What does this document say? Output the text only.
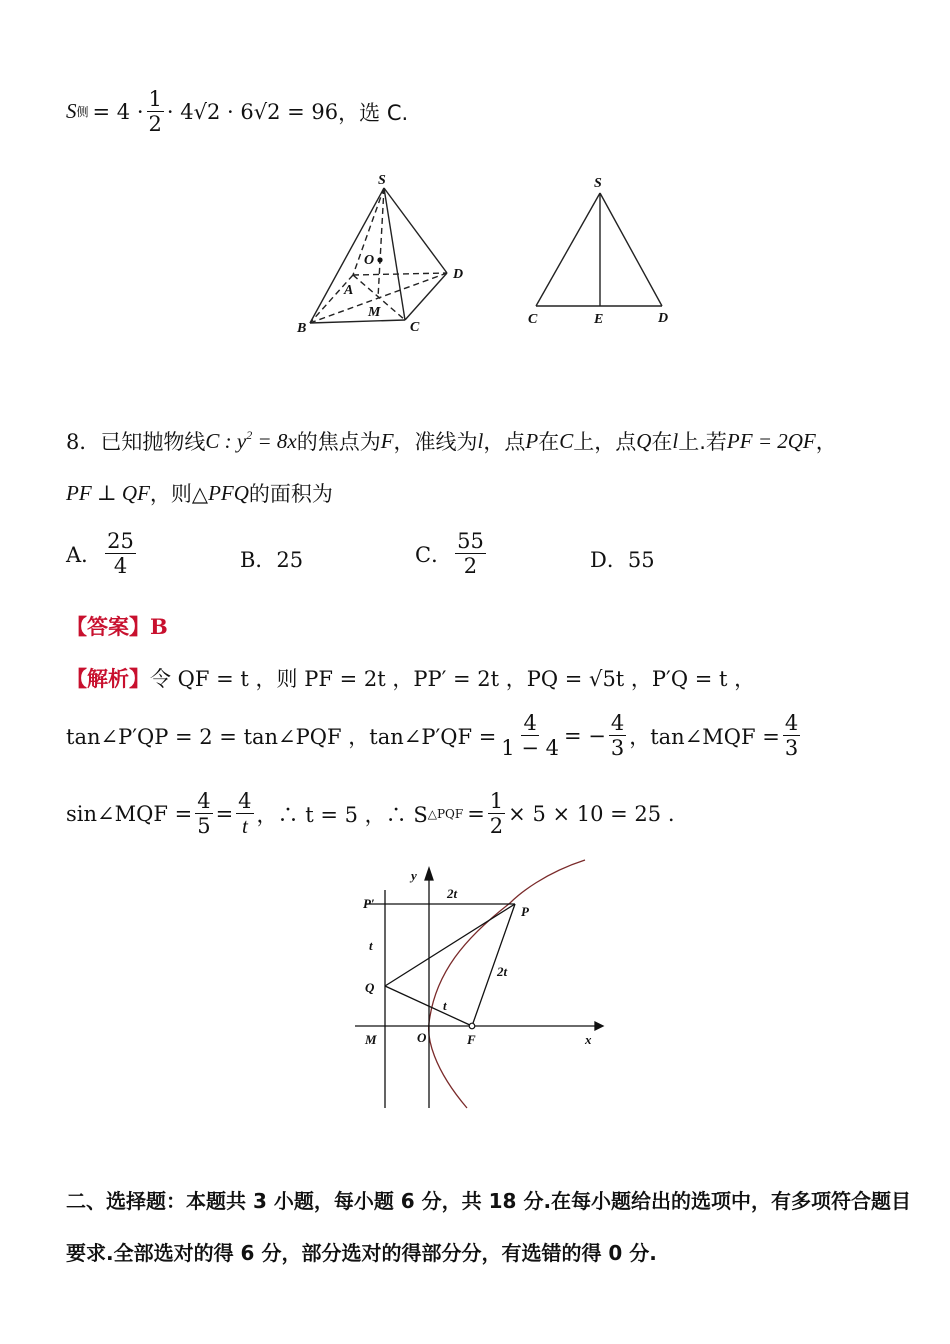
S 侧 = $4 \cdot \frac{1}{2} \cdot 4√2 \cdot 6√2 = 96$ ，选 C.
S
O
A
D
M
B	C
S
C	E	D
8． 已知抛物线 C : $y^2 = 8x$ 的焦点为 F ，准线为 l ，点 P 在 C 上，点 Q 在 l 上.若 PF = 2QF ，
PF ⊥ QF ，则△ PFQ 的面积为
A． $\frac{25}{4}$	B．25	C． $\frac{55}{2}$	D．55
【答案】 B
【解析】 令 QF = t ，则 PF = 2t ，PP′ = 2t ，PQ = √5t ，P′Q = t ，
tan∠P′QP = 2 = tan∠PQF ，tan∠P′QF = $\frac{4}{1 - 4}$ = − $\frac{4}{3}$ ，tan∠MQF = $\frac{4}{3}$
sin∠MQF = $\frac{4}{5} = \frac{4}{t}$ ，∴ t = 5 ，∴ S △PQF = $\frac{1}{2} \times 5 \times 10 = 25$ .
y
2t
P′
P
t
2t
Q
t
O	F
M	x
二、选择题：本题共 3 小题，每小题 6 分，共 18 分.在每小题给出的选项中，有多项符合题目
要求.全部选对的得 6 分，部分选对的得部分分，有选错的得 0 分.
